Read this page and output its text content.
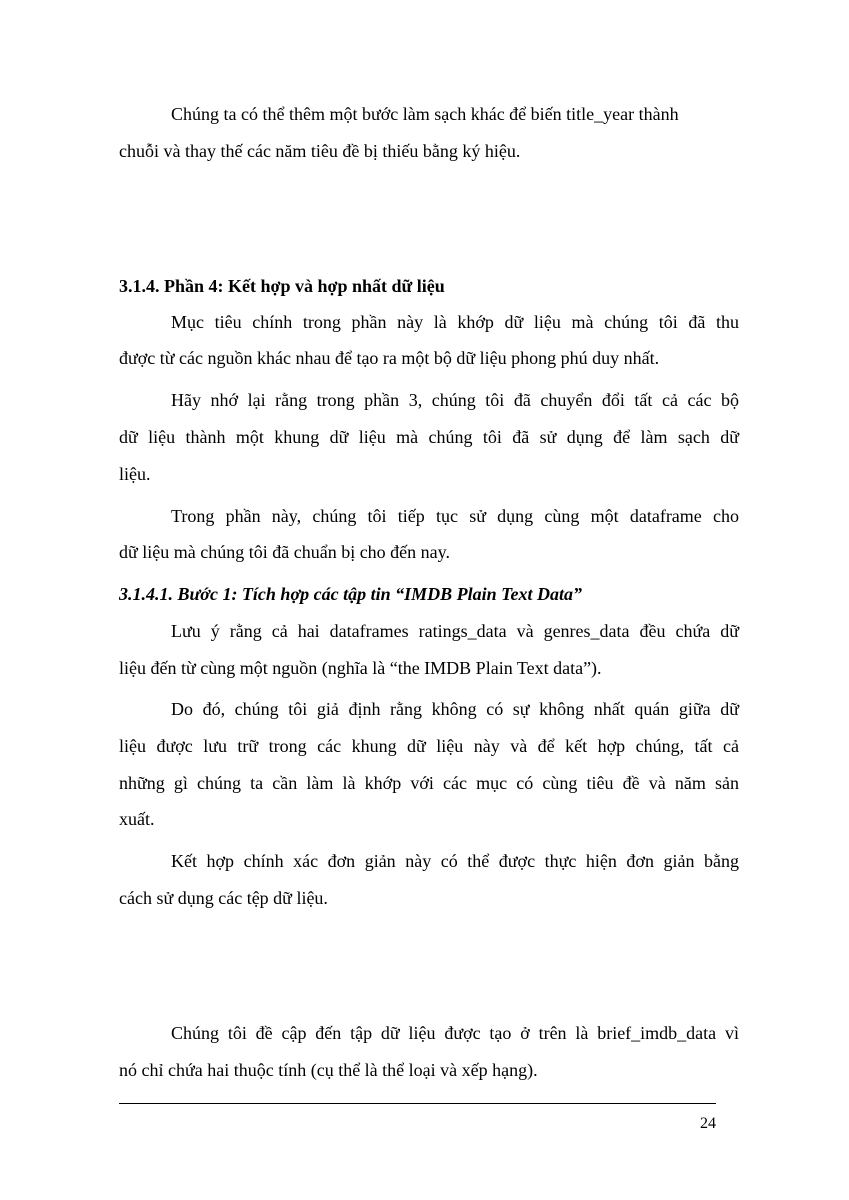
Chúng ta có thể thêm một bước làm sạch khác để biến title_year thành
chuỗi và thay thế các năm tiêu đề bị thiếu bằng ký hiệu.
3.1.4. Phần 4: Kết hợp và hợp nhất dữ liệu
Mục tiêu chính trong phần này là khớp dữ liệu mà chúng tôi đã thu
được từ các nguồn khác nhau để tạo ra một bộ dữ liệu phong phú duy nhất.
Hãy nhớ lại rằng trong phần 3, chúng tôi đã chuyển đổi tất cả các bộ
dữ liệu thành một khung dữ liệu mà chúng tôi đã sử dụng để làm sạch dữ
liệu.
Trong phần này, chúng tôi tiếp tục sử dụng cùng một dataframe cho
dữ liệu mà chúng tôi đã chuẩn bị cho đến nay.
3.1.4.1. Bước 1: Tích hợp các tập tin “IMDB Plain Text Data”
Lưu ý rằng cả hai dataframes ratings_data và genres_data đều chứa dữ
liệu đến từ cùng một nguồn (nghĩa là “the IMDB Plain Text data”).
Do đó, chúng tôi giả định rằng không có sự không nhất quán giữa dữ
liệu được lưu trữ trong các khung dữ liệu này và để kết hợp chúng, tất cả
những gì chúng ta cần làm là khớp với các mục có cùng tiêu đề và năm sản
xuất.
Kết hợp chính xác đơn giản này có thể được thực hiện đơn giản bằng
cách sử dụng các tệp dữ liệu.
Chúng tôi đề cập đến tập dữ liệu được tạo ở trên là brief_imdb_data vì
nó chỉ chứa hai thuộc tính (cụ thể là thể loại và xếp hạng).
24
